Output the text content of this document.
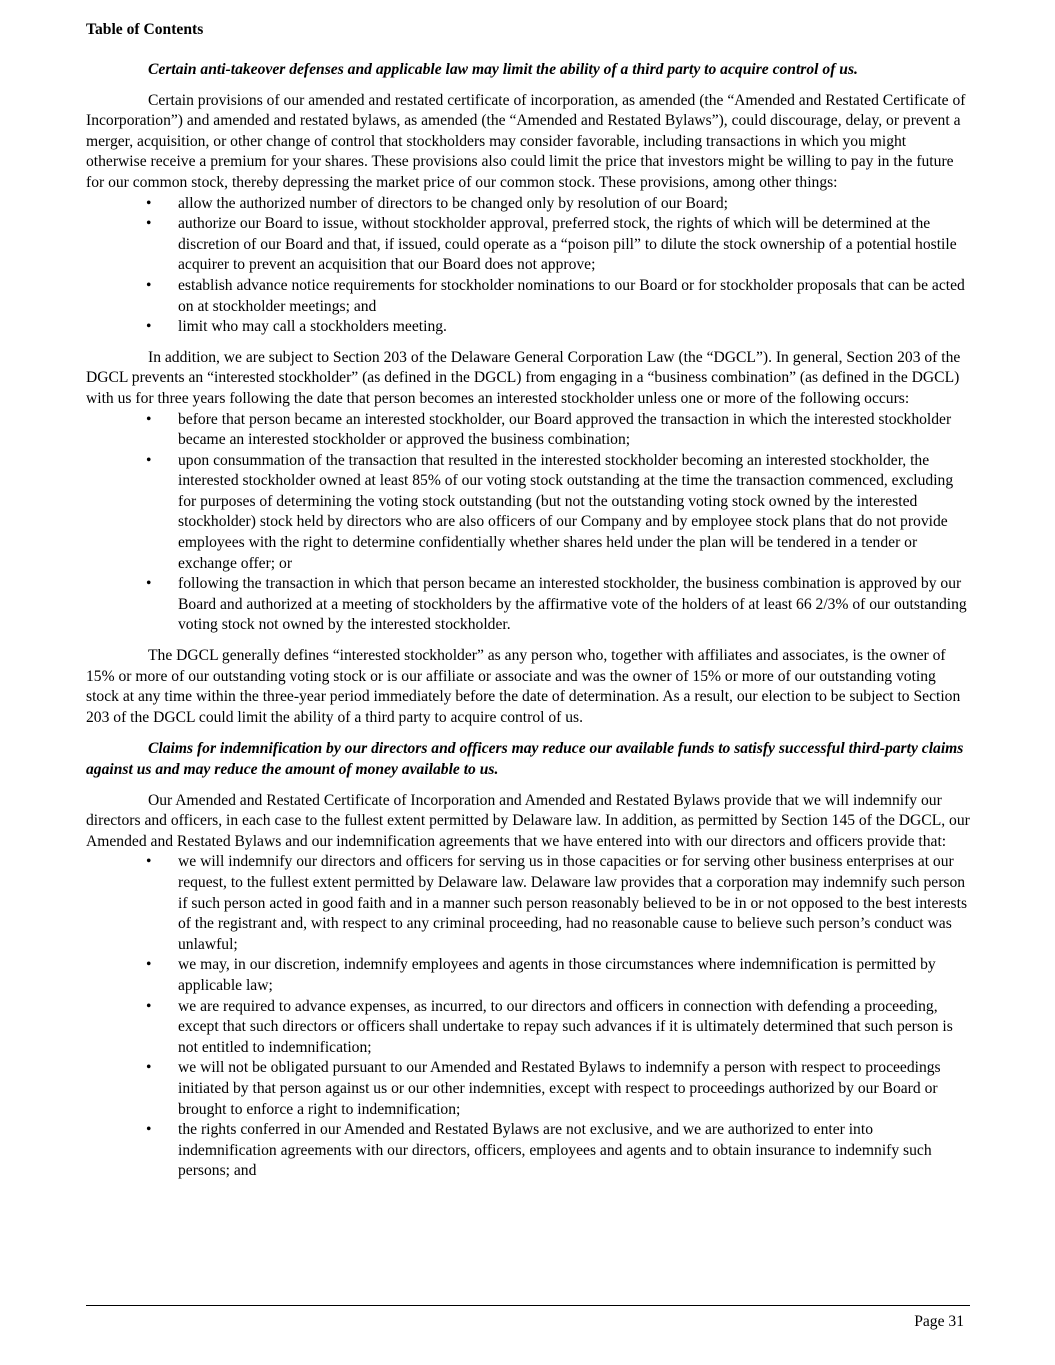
Table of Contents

Certain anti-takeover defenses and applicable law may limit the ability of a third party to acquire control of us.

Certain provisions of our amended and restated certificate of incorporation, as amended (the “Amended and Restated Certificate of Incorporation”) and amended and restated bylaws, as amended (the “Amended and Restated Bylaws”), could discourage, delay, or prevent a merger, acquisition, or other change of control that stockholders may consider favorable, including transactions in which you might otherwise receive a premium for your shares. These provisions also could limit the price that investors might be willing to pay in the future for our common stock, thereby depressing the market price of our common stock. These provisions, among other things:

• allow the authorized number of directors to be changed only by resolution of our Board;
• authorize our Board to issue, without stockholder approval, preferred stock, the rights of which will be determined at the discretion of our Board and that, if issued, could operate as a “poison pill” to dilute the stock ownership of a potential hostile acquirer to prevent an acquisition that our Board does not approve;
• establish advance notice requirements for stockholder nominations to our Board or for stockholder proposals that can be acted on at stockholder meetings; and
• limit who may call a stockholders meeting.

In addition, we are subject to Section 203 of the Delaware General Corporation Law (the “DGCL”). In general, Section 203 of the DGCL prevents an “interested stockholder” (as defined in the DGCL) from engaging in a “business combination” (as defined in the DGCL) with us for three years following the date that person becomes an interested stockholder unless one or more of the following occurs:

• before that person became an interested stockholder, our Board approved the transaction in which the interested stockholder became an interested stockholder or approved the business combination;
• upon consummation of the transaction that resulted in the interested stockholder becoming an interested stockholder, the interested stockholder owned at least 85% of our voting stock outstanding at the time the transaction commenced, excluding for purposes of determining the voting stock outstanding (but not the outstanding voting stock owned by the interested stockholder) stock held by directors who are also officers of our Company and by employee stock plans that do not provide employees with the right to determine confidentially whether shares held under the plan will be tendered in a tender or exchange offer; or
• following the transaction in which that person became an interested stockholder, the business combination is approved by our Board and authorized at a meeting of stockholders by the affirmative vote of the holders of at least 66 2/3% of our outstanding voting stock not owned by the interested stockholder.

The DGCL generally defines “interested stockholder” as any person who, together with affiliates and associates, is the owner of 15% or more of our outstanding voting stock or is our affiliate or associate and was the owner of 15% or more of our outstanding voting stock at any time within the three-year period immediately before the date of determination. As a result, our election to be subject to Section 203 of the DGCL could limit the ability of a third party to acquire control of us.

Claims for indemnification by our directors and officers may reduce our available funds to satisfy successful third-party claims against us and may reduce the amount of money available to us.

Our Amended and Restated Certificate of Incorporation and Amended and Restated Bylaws provide that we will indemnify our directors and officers, in each case to the fullest extent permitted by Delaware law. In addition, as permitted by Section 145 of the DGCL, our Amended and Restated Bylaws and our indemnification agreements that we have entered into with our directors and officers provide that:

• we will indemnify our directors and officers for serving us in those capacities or for serving other business enterprises at our request, to the fullest extent permitted by Delaware law. Delaware law provides that a corporation may indemnify such person if such person acted in good faith and in a manner such person reasonably believed to be in or not opposed to the best interests of the registrant and, with respect to any criminal proceeding, had no reasonable cause to believe such person’s conduct was unlawful;
• we may, in our discretion, indemnify employees and agents in those circumstances where indemnification is permitted by applicable law;
• we are required to advance expenses, as incurred, to our directors and officers in connection with defending a proceeding, except that such directors or officers shall undertake to repay such advances if it is ultimately determined that such person is not entitled to indemnification;
• we will not be obligated pursuant to our Amended and Restated Bylaws to indemnify a person with respect to proceedings initiated by that person against us or our other indemnities, except with respect to proceedings authorized by our Board or brought to enforce a right to indemnification;
• the rights conferred in our Amended and Restated Bylaws are not exclusive, and we are authorized to enter into indemnification agreements with our directors, officers, employees and agents and to obtain insurance to indemnify such persons; and
Page 31
